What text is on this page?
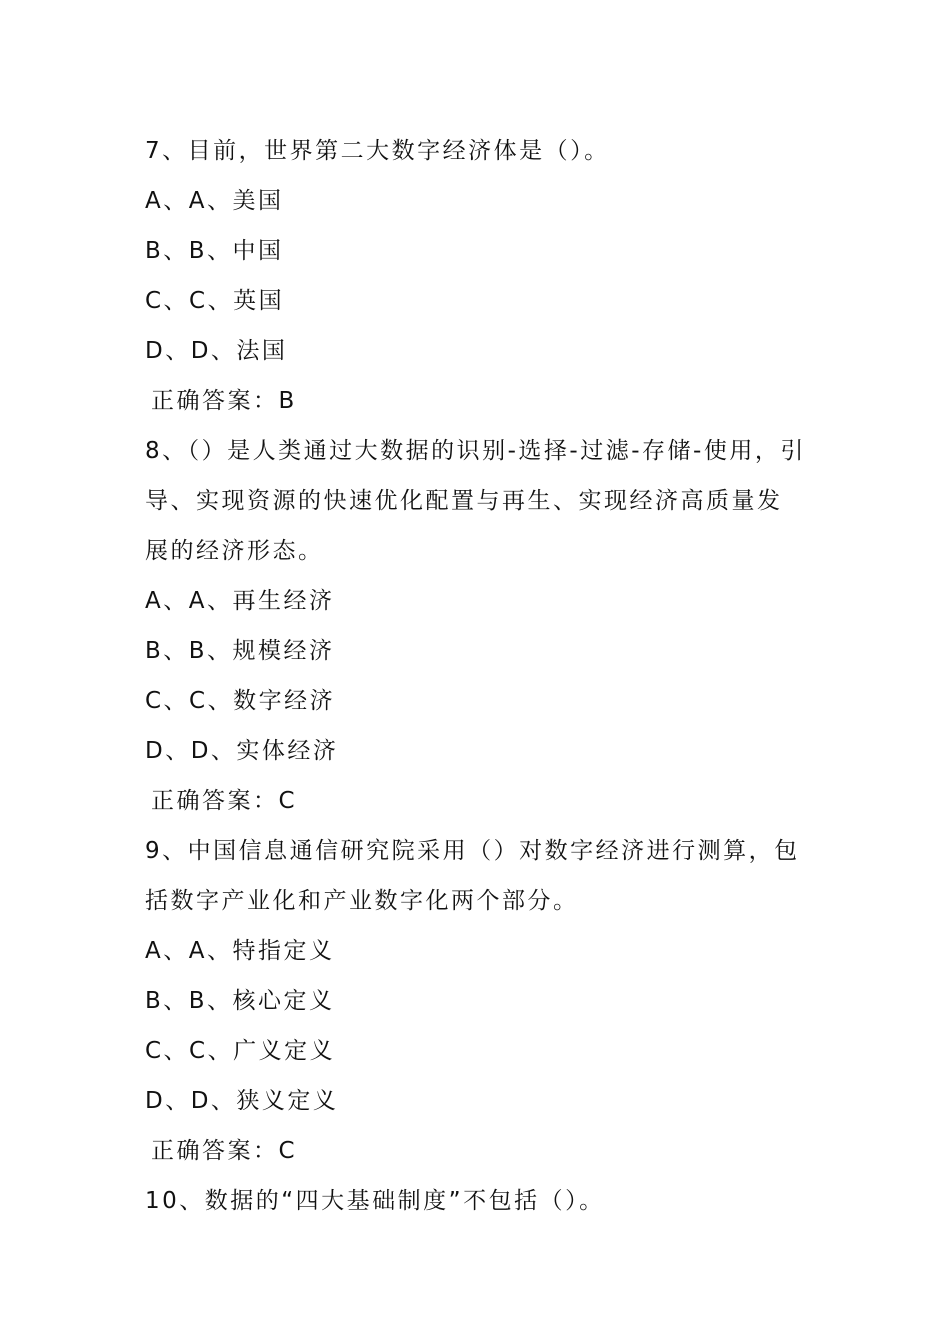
7、目前，世界第二大数字经济体是（）。
A、A、美国
B、B、中国
C、C、英国
D、D、法国
正确答案：B
8、（）是人类通过大数据的识别-选择-过滤-存储-使用，引
导、实现资源的快速优化配置与再生、实现经济高质量发
展的经济形态。
A、A、再生经济
B、B、规模经济
C、C、数字经济
D、D、实体经济
正确答案：C
9、中国信息通信研究院采用（）对数字经济进行测算，包
括数字产业化和产业数字化两个部分。
A、A、特指定义
B、B、核心定义
C、C、广义定义
D、D、狭义定义
正确答案：C
10、数据的“四大基础制度”不包括（）。
